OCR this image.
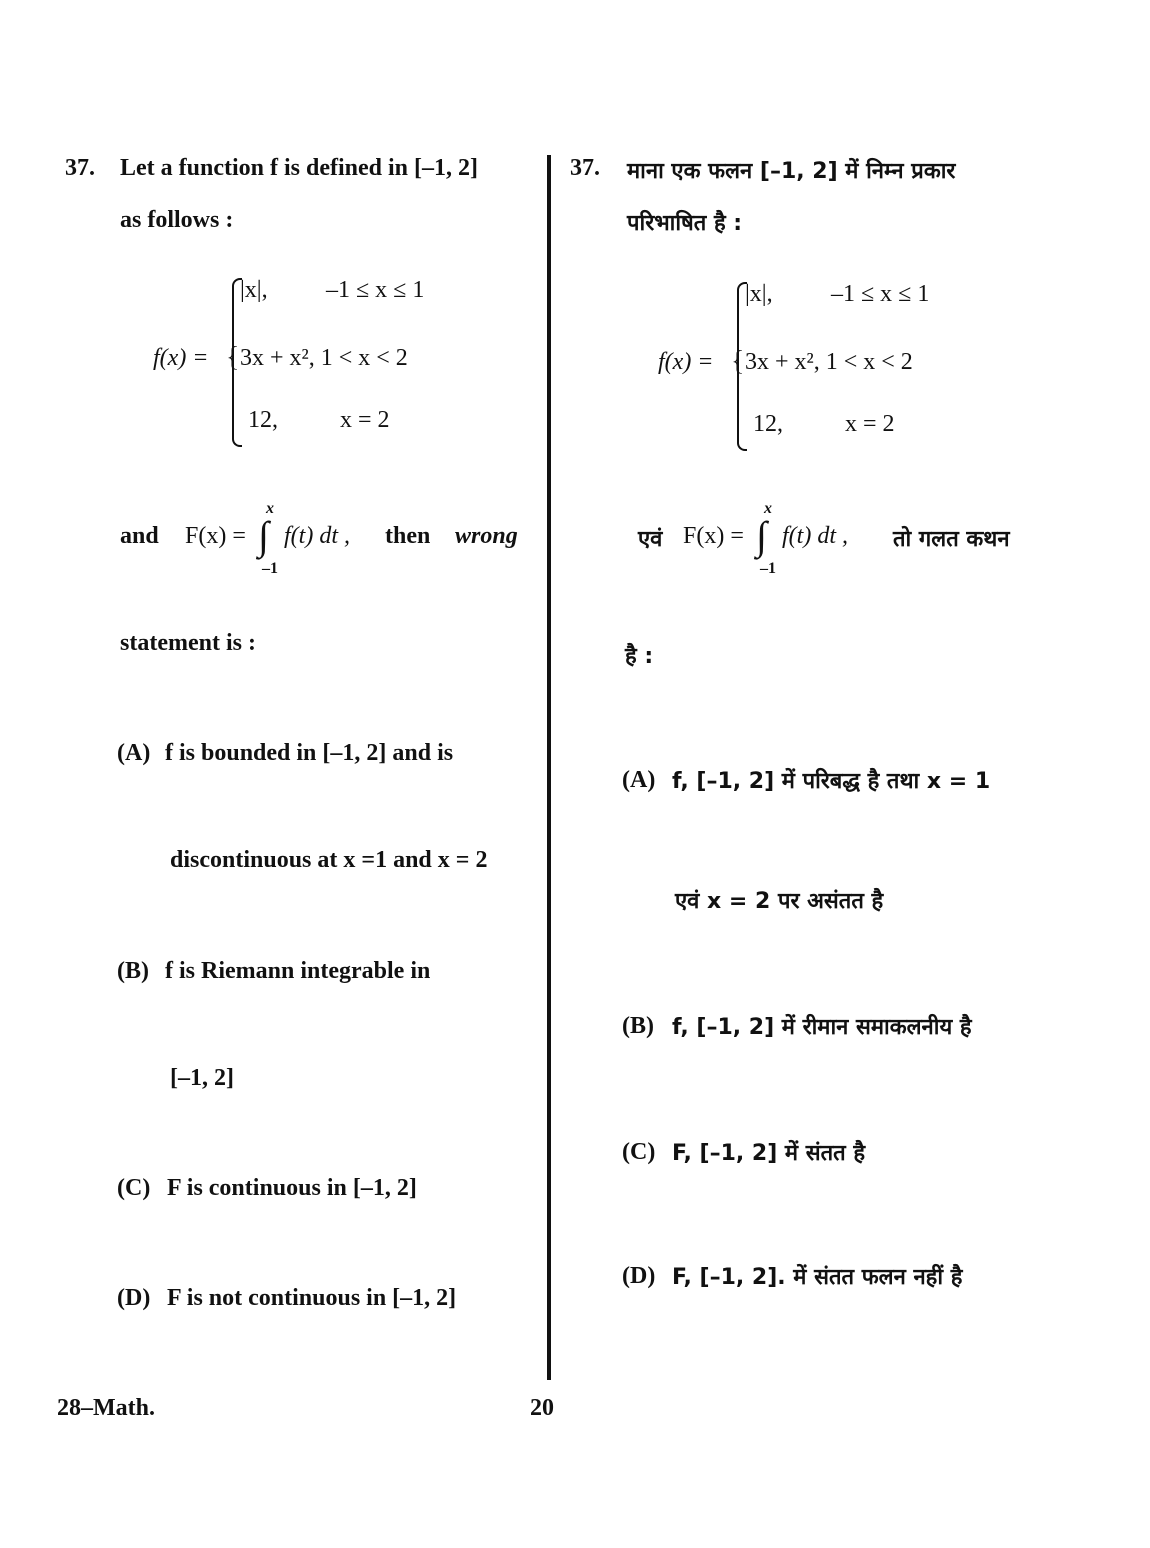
37. Let a function f is defined in [–1, 2]
as follows :
f(x) = {
|x|, –1 ≤ x ≤ 1
3x + x², 1 < x < 2
12,	x = 2
and F(x) =
x
∫
–1
f(t) dt , then wrong
statement is :
(A) f is bounded in [–1, 2] and is
discontinuous at x =1 and x = 2
(B) f is Riemann integrable in
[–1, 2]
(C) F is continuous in [–1, 2]
(D) F is not continuous in [–1, 2]
37. माना एक फलन [–1, 2] में निम्न प्रकार
परिभाषित है :
f(x) = {
|x|, –1 ≤ x ≤ 1
3x + x², 1 < x < 2
12,	x = 2
एवं F(x) =
x
∫
–1
f(t) dt , तो गलत कथन
है :
(A) f, [–1, 2] में परिबद्ध है तथा x = 1
एवं x = 2 पर असंतत है
(B) f, [–1, 2] में रीमान समाकलनीय है
(C) F, [–1, 2] में संतत है
(D) F, [–1, 2]. में संतत फलन नहीं है
28–Math.	20
